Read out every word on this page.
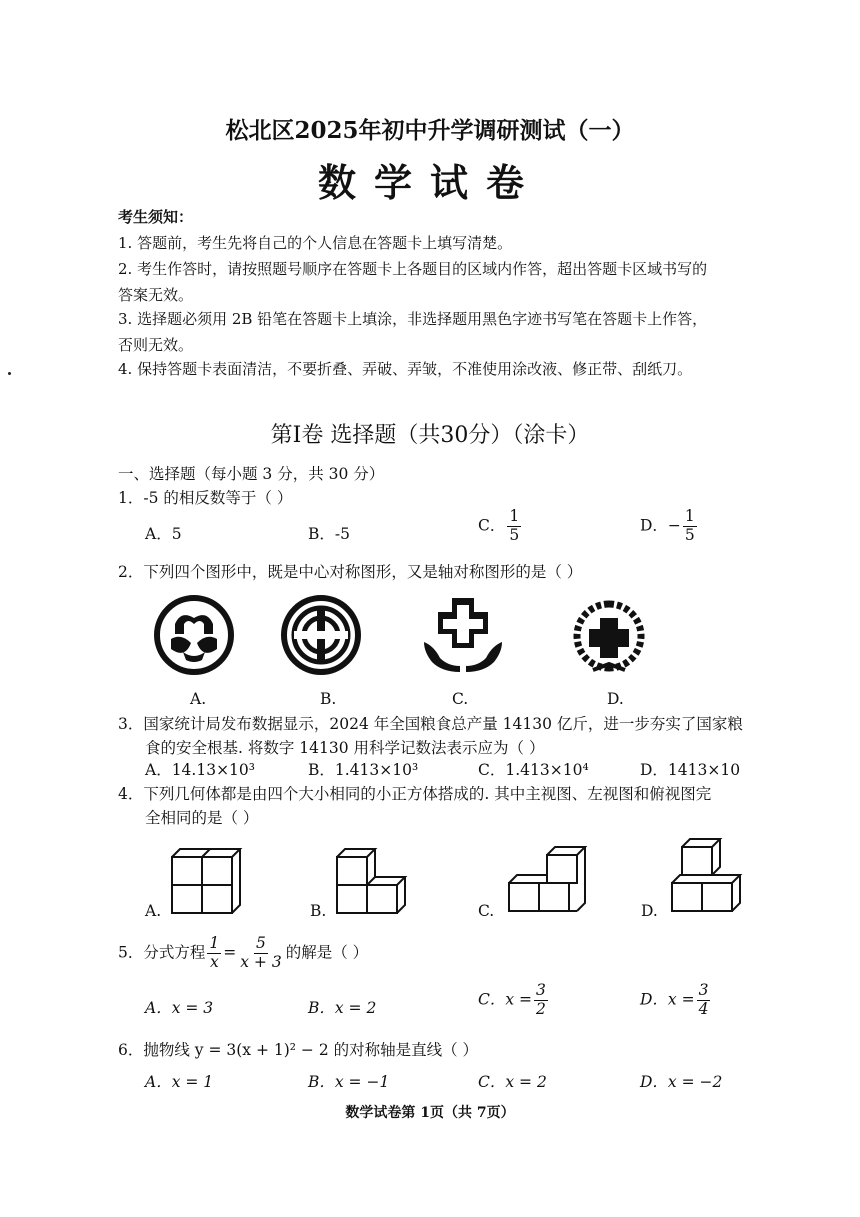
松北区2025年初中升学调研测试（一）
数学试卷
考生须知：
1. 答题前，考生先将自己的个人信息在答题卡上填写清楚。
2. 考生作答时，请按照题号顺序在答题卡上各题目的区域内作答，超出答题卡区域书写的
答案无效。
3. 选择题必须用 2B 铅笔在答题卡上填涂，非选择题用黑色字迹书写笔在答题卡上作答，
否则无效。
4. 保持答题卡表面清洁，不要折叠、弄破、弄皱，不准使用涂改液、修正带、刮纸刀。
第Ⅰ卷 选择题（共30分）（涂卡）
一、选择题（每小题 3 分，共 30 分）
1．-5 的相反数等于（ ）
A．5	B．-5	C． $\frac{1}{5}$	D．− $\frac{1}{5}$
2．下列四个图形中，既是中心对称图形，又是轴对称图形的是（ ）
A.	B.	C.	D.
3．国家统计局发布数据显示，2024 年全国粮食总产量 14130 亿斤，进一步夯实了国家粮
食的安全根基. 将数字 14130 用科学记数法表示应为（ ）
A．14.13×10³	B．1.413×10³	C．1.413×10⁴	D．1413×10
4．下列几何体都是由四个大小相同的小正方体搭成的. 其中主视图、左视图和俯视图完
全相同的是（ ）
A.	B.	C.	D.
5．分式方程 $\frac{1}{x} = \frac{5}{x + 3}$ 的解是（ ）
A．x = 3	B．x = 2	C．$x = \frac{3}{2}$	D．$x = \frac{3}{4}$
6．抛物线 y = 3(x + 1)² − 2 的对称轴是直线（ ）
A．x = 1	B．x = −1	C．x = 2	D．x = −2
数学试卷第 1页（共 7页）
